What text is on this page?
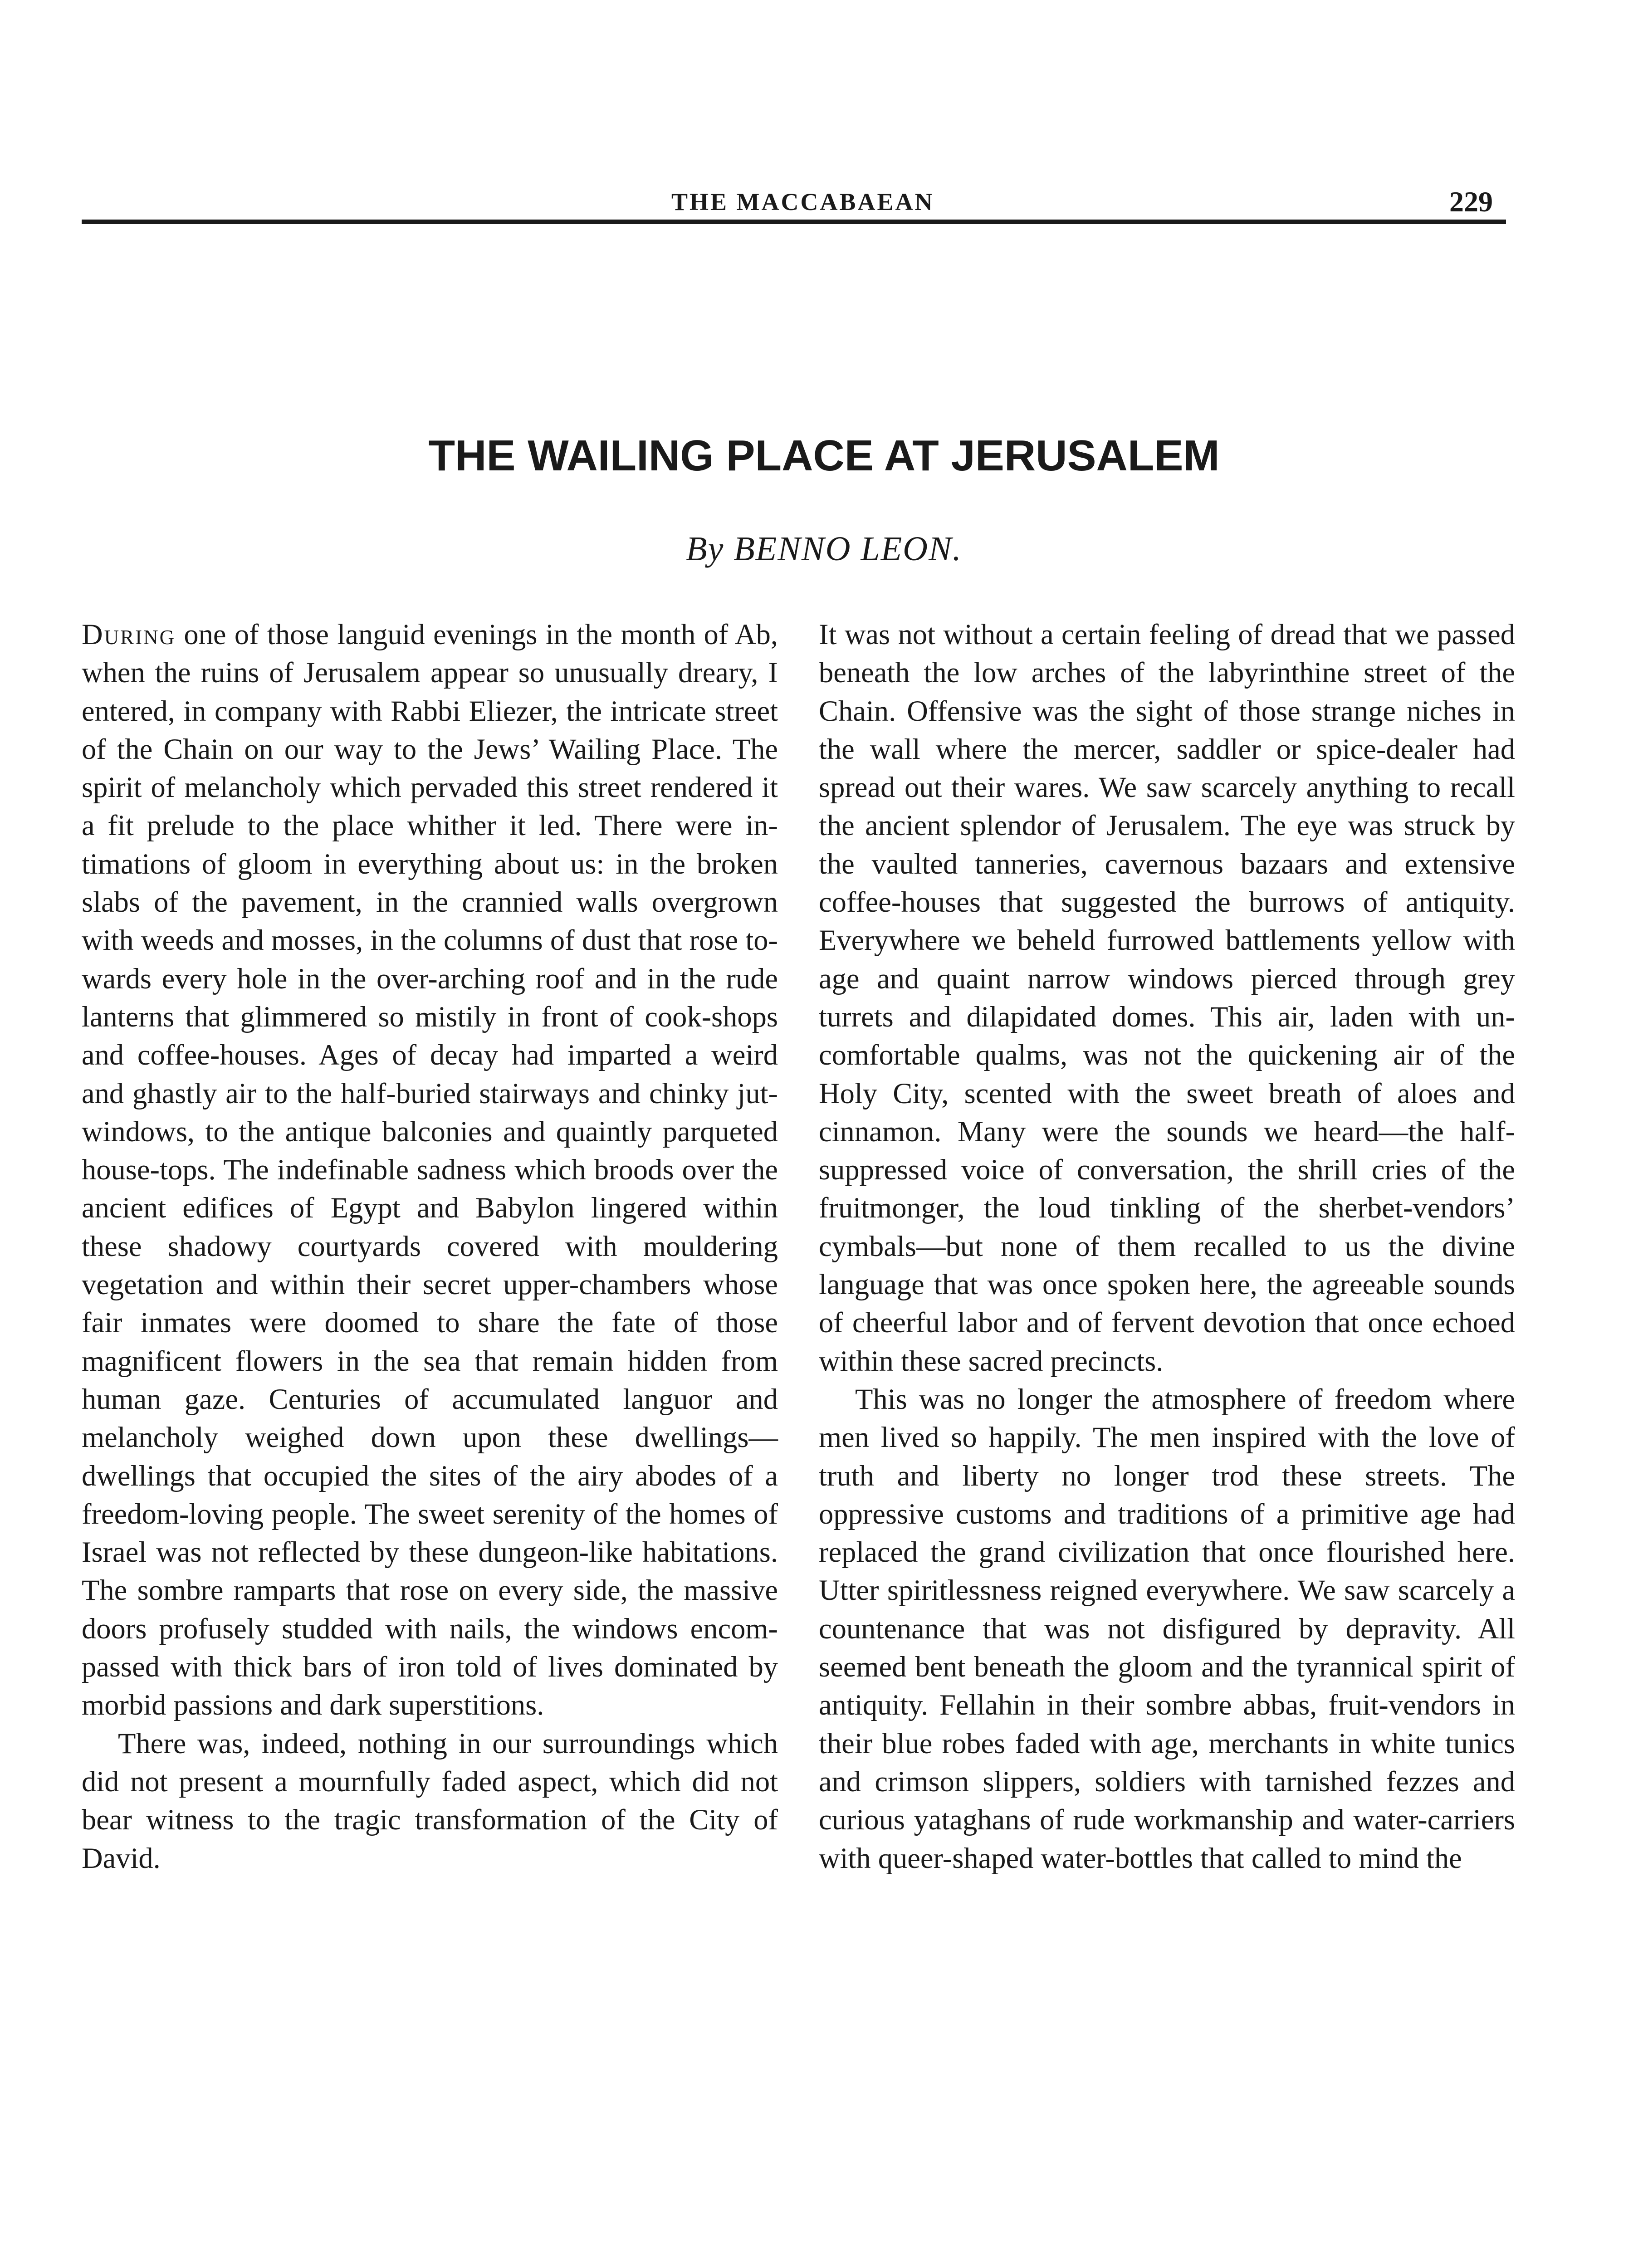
THE MACCABAEAN	229
THE WAILING PLACE AT JERUSALEM
By BENNO LEON.

During one of those languid evenings in the month of Ab, when the ruins of Jerusalem appear so unusually dreary, I entered, in company with Rabbi Eliezer, the intricate street of the Chain on our way to the Jews’ Wailing Place. The spirit of melancholy which pervaded this street rendered it a fit prelude to the place whither it led. There were intimations of gloom in everything about us: in the broken slabs of the pavement, in the crannied walls overgrown with weeds and mosses, in the columns of dust that rose towards every hole in the over-arching roof and in the rude lanterns that glimmered so mistily in front of cook-shops and coffee-houses. Ages of decay had imparted a weird and ghastly air to the half-buried stairways and chinky jut-windows, to the antique balconies and quaintly parqueted house-tops. The indefinable sadness which broods over the ancient edifices of Egypt and Babylon lingered within these shadowy courtyards covered with mouldering vegetation and within their secret upper-chambers whose fair inmates were doomed to share the fate of those magnificent flowers in the sea that remain hidden from human gaze. Centuries of accumulated languor and melancholy weighed down upon these dwellings—dwellings that occupied the sites of the airy abodes of a freedom-loving people. The sweet serenity of the homes of Israel was not reflected by these dungeon-like habitations. The sombre ramparts that rose on every side, the massive doors profusely studded with nails, the windows encompassed with thick bars of iron told of lives dominated by morbid passions and dark superstitions.

There was, indeed, nothing in our surroundings which did not present a mournfully faded aspect, which did not bear witness to the tragic transformation of the City of David.

It was not without a certain feeling of dread that we passed beneath the low arches of the labyrinthine street of the Chain. Offensive was the sight of those strange niches in the wall where the mercer, saddler or spice-dealer had spread out their wares. We saw scarcely anything to recall the ancient splendor of Jerusalem. The eye was struck by the vaulted tanneries, cavernous bazaars and extensive coffee-houses that suggested the burrows of antiquity. Everywhere we beheld furrowed battlements yellow with age and quaint narrow windows pierced through grey turrets and dilapidated domes. This air, laden with uncomfortable qualms, was not the quickening air of the Holy City, scented with the sweet breath of aloes and cinnamon. Many were the sounds we heard—the half-suppressed voice of conversation, the shrill cries of the fruitmonger, the loud tinkling of the sherbet-vendors’ cymbals—but none of them recalled to us the divine language that was once spoken here, the agreeable sounds of cheerful labor and of fervent devotion that once echoed within these sacred precincts.

This was no longer the atmosphere of freedom where men lived so happily. The men inspired with the love of truth and liberty no longer trod these streets. The oppressive customs and traditions of a primitive age had replaced the grand civilization that once flourished here. Utter spiritlessness reigned everywhere. We saw scarcely a countenance that was not disfigured by depravity. All seemed bent beneath the gloom and the tyrannical spirit of antiquity. Fellahin in their sombre abbas, fruit-vendors in their blue robes faded with age, merchants in white tunics and crimson slippers, soldiers with tarnished fezzes and curious yataghans of rude workmanship and water-carriers with queer-shaped water-bottles that called to mind the
